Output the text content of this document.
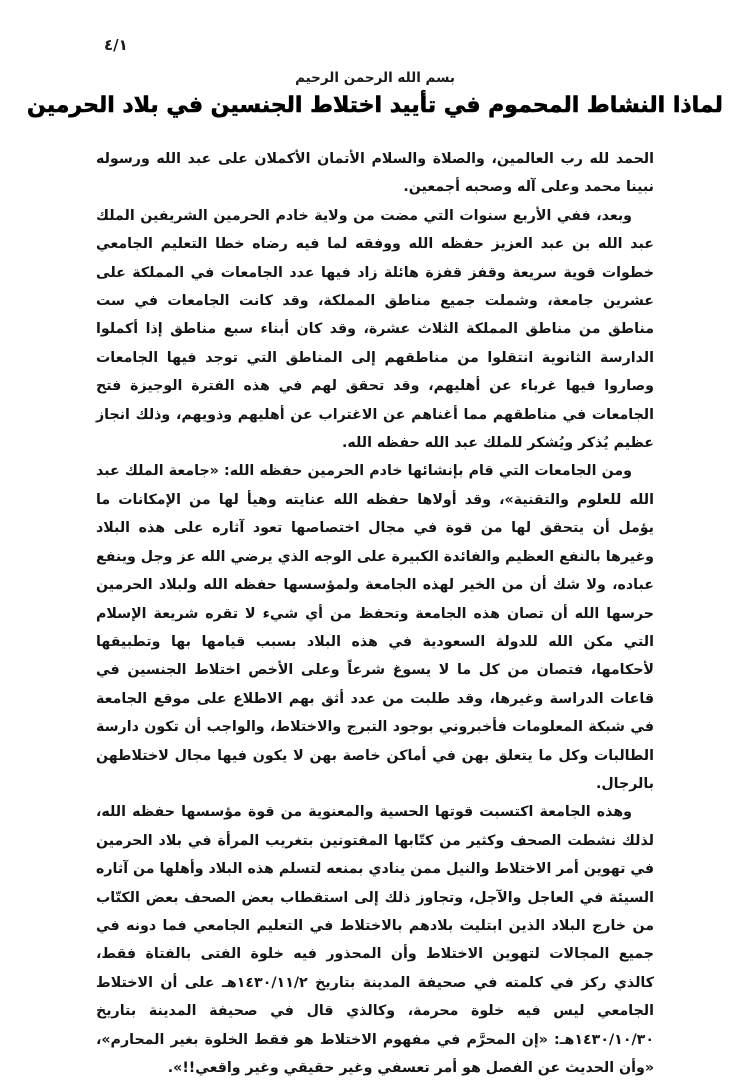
٤/١
بسم الله الرحمن الرحيم
لماذا النشاط المحموم في تأييد اختلاط الجنسين في بلاد الحرمين

الحمد لله رب العالمين، والصلاة والسلام الأتمان الأكملان على عبد الله ورسوله نبينا محمد وعلى آله وصحبه أجمعين.

وبعد، ففي الأربع سنوات التي مضت من ولاية خادم الحرمين الشريفين الملك عبد الله بن عبد العزيز حفظه الله ووفقه لما فيه رضاه خطا التعليم الجامعي خطوات قوية سريعة وقفز قفزة هائلة زاد فيها عدد الجامعات في المملكة على عشرين جامعة، وشملت جميع مناطق المملكة، وقد كانت الجامعات في ست مناطق من مناطق المملكة الثلاث عشرة، وقد كان أبناء سبع مناطق إذا أكملوا الدارسة الثانوية انتقلوا من مناطقهم إلى المناطق التي توجد فيها الجامعات وصاروا فيها غرباء عن أهليهم، وقد تحقق لهم في هذه الفترة الوجيزة فتح الجامعات في مناطقهم مما أغناهم عن الاغتراب عن أهليهم وذويهم، وذلك انجاز عظيم يُذكر ويُشكر للملك عبد الله حفظه الله.

ومن الجامعات التي قام بإنشائها خادم الحرمين حفظه الله: «جامعة الملك عبد الله للعلوم والتقنية»، وقد أولاها حفظه الله عنايته وهيأ لها من الإمكانات ما يؤمل أن يتحقق لها من قوة في مجال اختصاصها تعود آثاره على هذه البلاد وغيرها بالنفع العظيم والفائدة الكبيرة على الوجه الذي يرضي الله عز وجل وينفع عباده، ولا شك أن من الخير لهذه الجامعة ولمؤسسها حفظه الله ولبلاد الحرمين حرسها الله أن تصان هذه الجامعة وتحفظ من أي شيء لا تقره شريعة الإسلام التي مكن الله للدولة السعودية في هذه البلاد بسبب قيامها بها وتطبيقها لأحكامها، فتصان من كل ما لا يسوغ شرعاً وعلى الأخص اختلاط الجنسين في قاعات الدراسة وغيرها، وقد طلبت من عدد أثق بهم الاطلاع على موقع الجامعة في شبكة المعلومات فأخبروني بوجود التبرج والاختلاط، والواجب أن تكون دارسة الطالبات وكل ما يتعلق بهن في أماكن خاصة بهن لا يكون فيها مجال لاختلاطهن بالرجال.

وهذه الجامعة اكتسبت قوتها الحسية والمعنوية من قوة مؤسسها حفظه الله، لذلك نشطت الصحف وكثير من كتّابها المفتونين بتغريب المرأة في بلاد الحرمين في تهوين أمر الاختلاط والنيل ممن ينادي بمنعه لتسلم هذه البلاد وأهلها من آثاره السيئة في العاجل والآجل، وتجاوز ذلك إلى استقطاب بعض الصحف بعض الكتّاب من خارج البلاد الذين ابتليت بلادهم بالاختلاط في التعليم الجامعي فما دونه في جميع المجالات لتهوين الاختلاط وأن المحذور فيه خلوة الفتى بالفتاة فقط، كالذي ركز في كلمته في صحيفة المدينة بتاريخ ١٤٣٠/١١/٢هـ على أن الاختلاط الجامعي ليس فيه خلوة محرمة، وكالذي قال في صحيفة المدينة بتاريخ ١٤٣٠/١٠/٣٠هـ: «إن المحرَّم في مفهوم الاختلاط هو فقط الخلوة بغير المحارم»، «وأن الحديث عن الفصل هو أمر تعسفي وغير حقيقي وغير واقعي!!».
